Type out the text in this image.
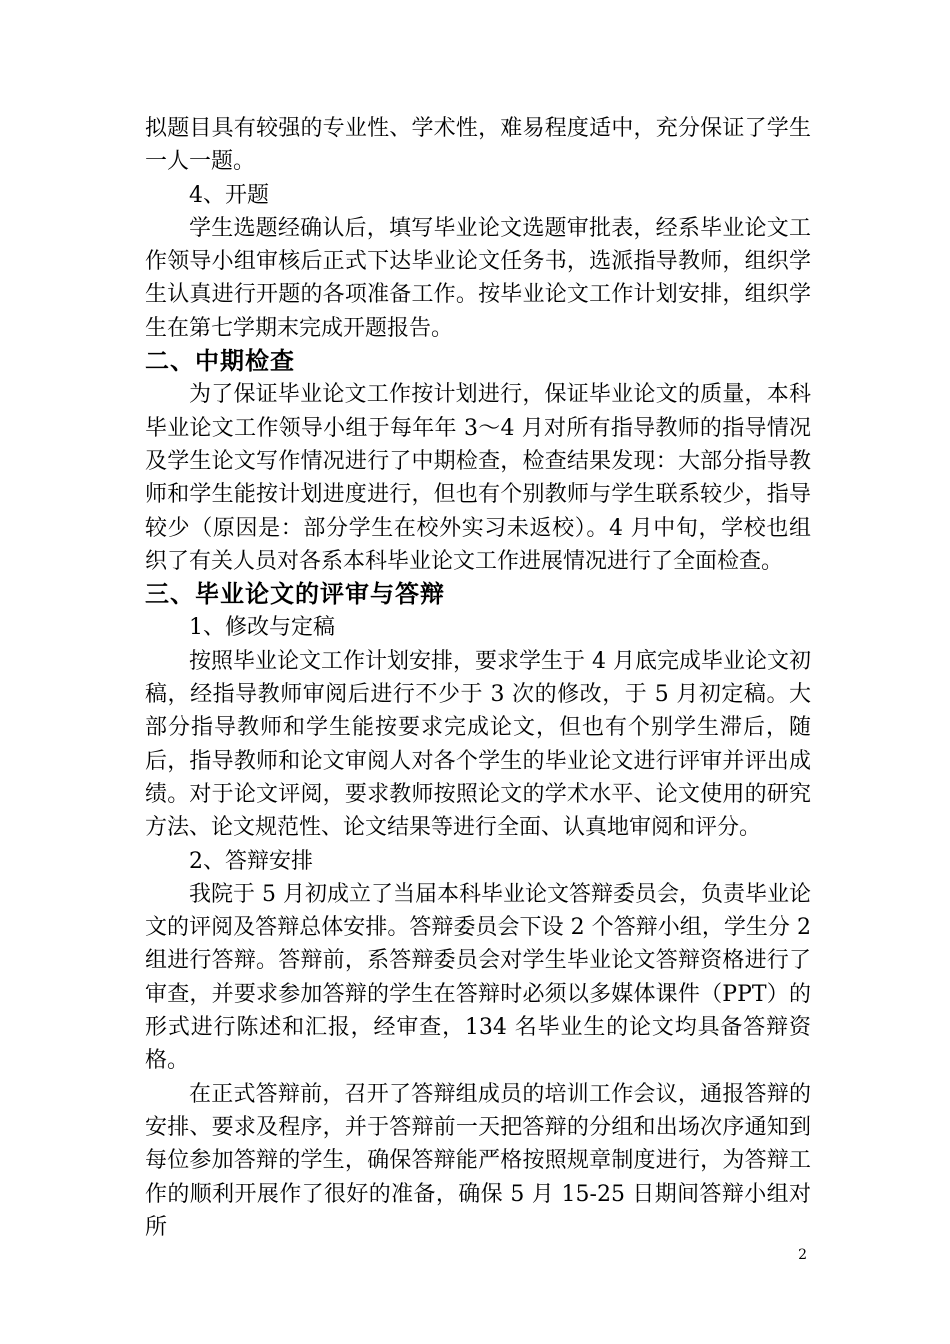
拟题目具有较强的专业性、学术性，难易程度适中，充分保证了学生一人一题。

4、开题

学生选题经确认后，填写毕业论文选题审批表，经系毕业论文工作领导小组审核后正式下达毕业论文任务书，选派指导教师，组织学生认真进行开题的各项准备工作。按毕业论文工作计划安排，组织学生在第七学期末完成开题报告。

二、中期检查

为了保证毕业论文工作按计划进行，保证毕业论文的质量，本科毕业论文工作领导小组于每年年 3～4 月对所有指导教师的指导情况及学生论文写作情况进行了中期检查，检查结果发现：大部分指导教师和学生能按计划进度进行，但也有个别教师与学生联系较少，指导较少（原因是：部分学生在校外实习未返校）。4 月中旬，学校也组织了有关人员对各系本科毕业论文工作进展情况进行了全面检查。

三、毕业论文的评审与答辩

1、修改与定稿

按照毕业论文工作计划安排，要求学生于 4 月底完成毕业论文初稿，经指导教师审阅后进行不少于 3 次的修改，于 5 月初定稿。大部分指导教师和学生能按要求完成论文，但也有个别学生滞后，随后，指导教师和论文审阅人对各个学生的毕业论文进行评审并评出成绩。对于论文评阅，要求教师按照论文的学术水平、论文使用的研究方法、论文规范性、论文结果等进行全面、认真地审阅和评分。

2、答辩安排

我院于 5 月初成立了当届本科毕业论文答辩委员会，负责毕业论文的评阅及答辩总体安排。答辩委员会下设 2 个答辩小组，学生分 2 组进行答辩。答辩前，系答辩委员会对学生毕业论文答辩资格进行了审查，并要求参加答辩的学生在答辩时必须以多媒体课件（PPT）的形式进行陈述和汇报，经审查，134 名毕业生的论文均具备答辩资格。

在正式答辩前，召开了答辩组成员的培训工作会议，通报答辩的安排、要求及程序，并于答辩前一天把答辩的分组和出场次序通知到每位参加答辩的学生，确保答辩能严格按照规章制度进行，为答辩工作的顺利开展作了很好的准备，确保 5 月 15-25 日期间答辩小组对所

2
